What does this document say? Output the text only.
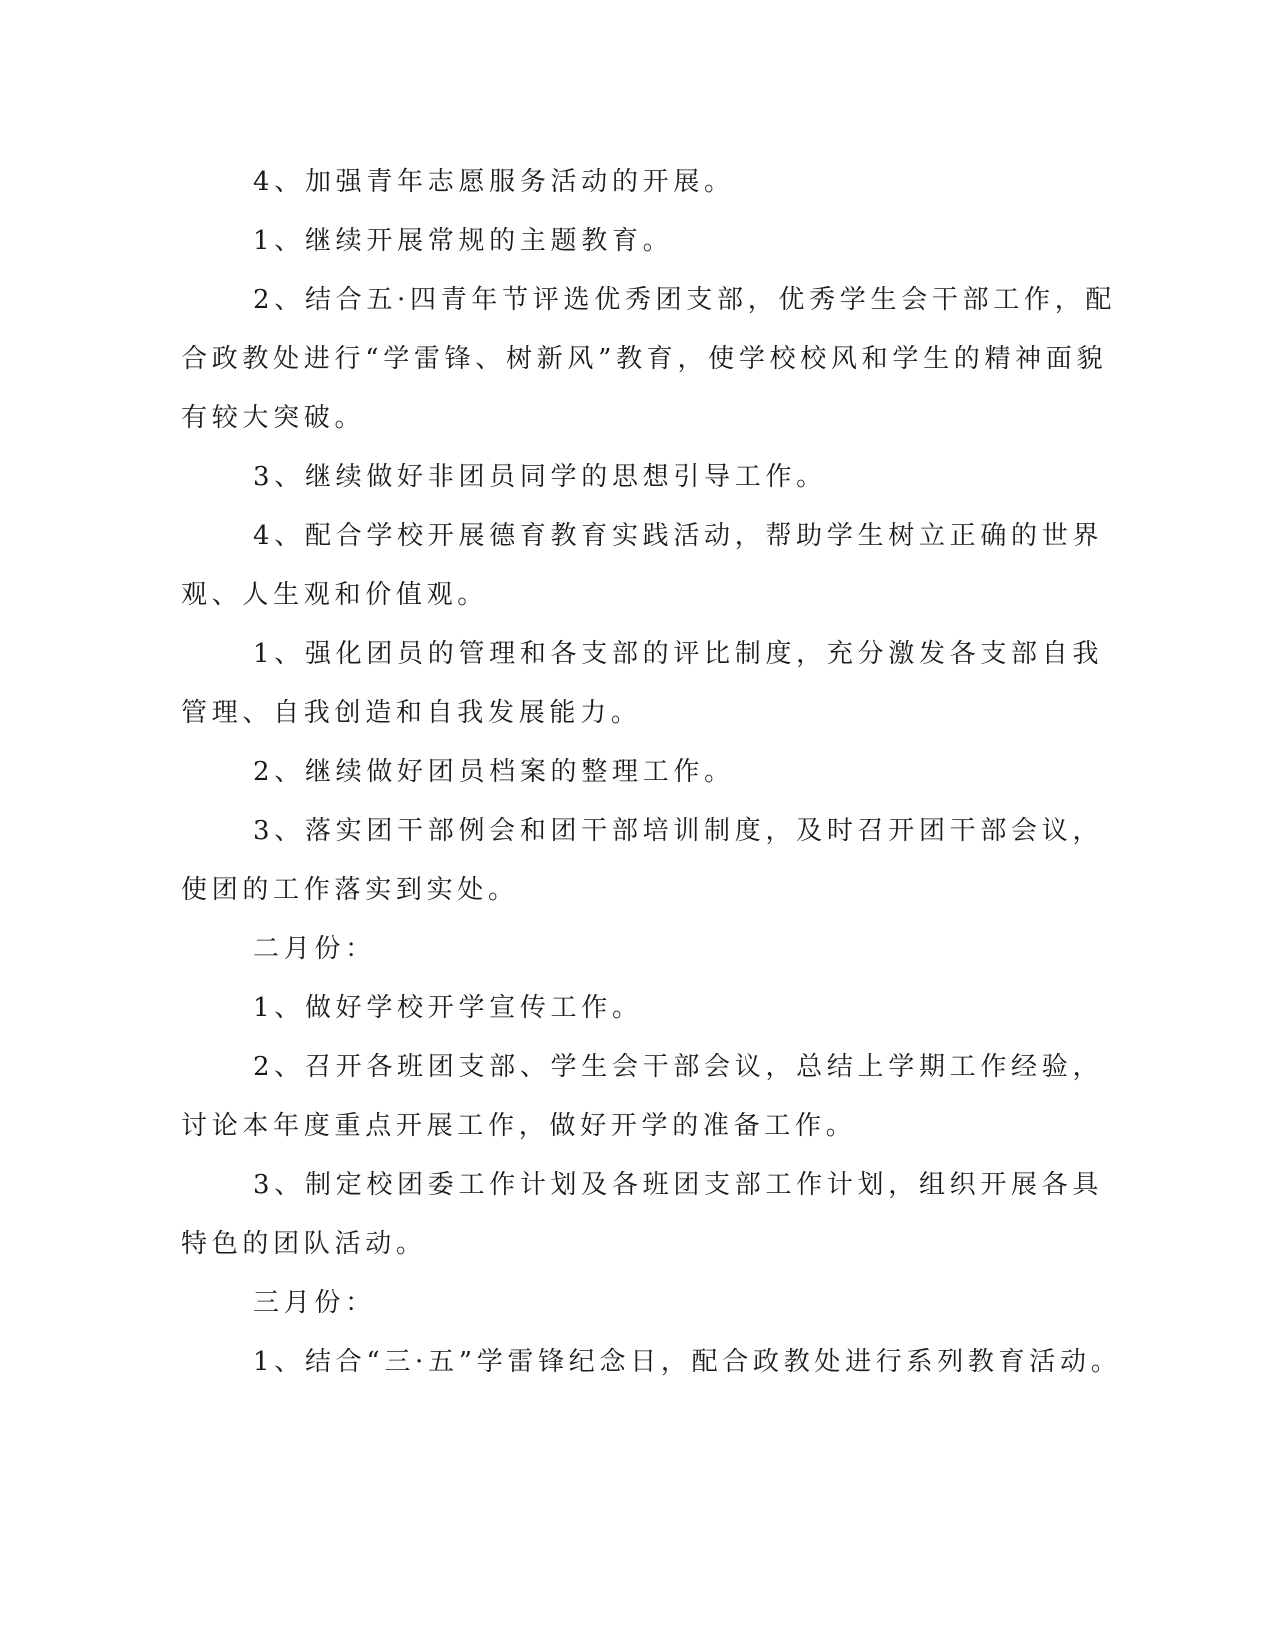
4、加强青年志愿服务活动的开展。
1、继续开展常规的主题教育。
2、结合五·四青年节评选优秀团支部，优秀学生会干部工作，配
合政教处进行“学雷锋、树新风”教育，使学校校风和学生的精神面貌
有较大突破。
3、继续做好非团员同学的思想引导工作。
4、配合学校开展德育教育实践活动，帮助学生树立正确的世界
观、人生观和价值观。
1、强化团员的管理和各支部的评比制度，充分激发各支部自我
管理、自我创造和自我发展能力。
2、继续做好团员档案的整理工作。
3、落实团干部例会和团干部培训制度，及时召开团干部会议，
使团的工作落实到实处。
二月份：
1、做好学校开学宣传工作。
2、召开各班团支部、学生会干部会议，总结上学期工作经验，
讨论本年度重点开展工作，做好开学的准备工作。
3、制定校团委工作计划及各班团支部工作计划，组织开展各具
特色的团队活动。
三月份：
1、结合“三·五”学雷锋纪念日，配合政教处进行系列教育活动。
